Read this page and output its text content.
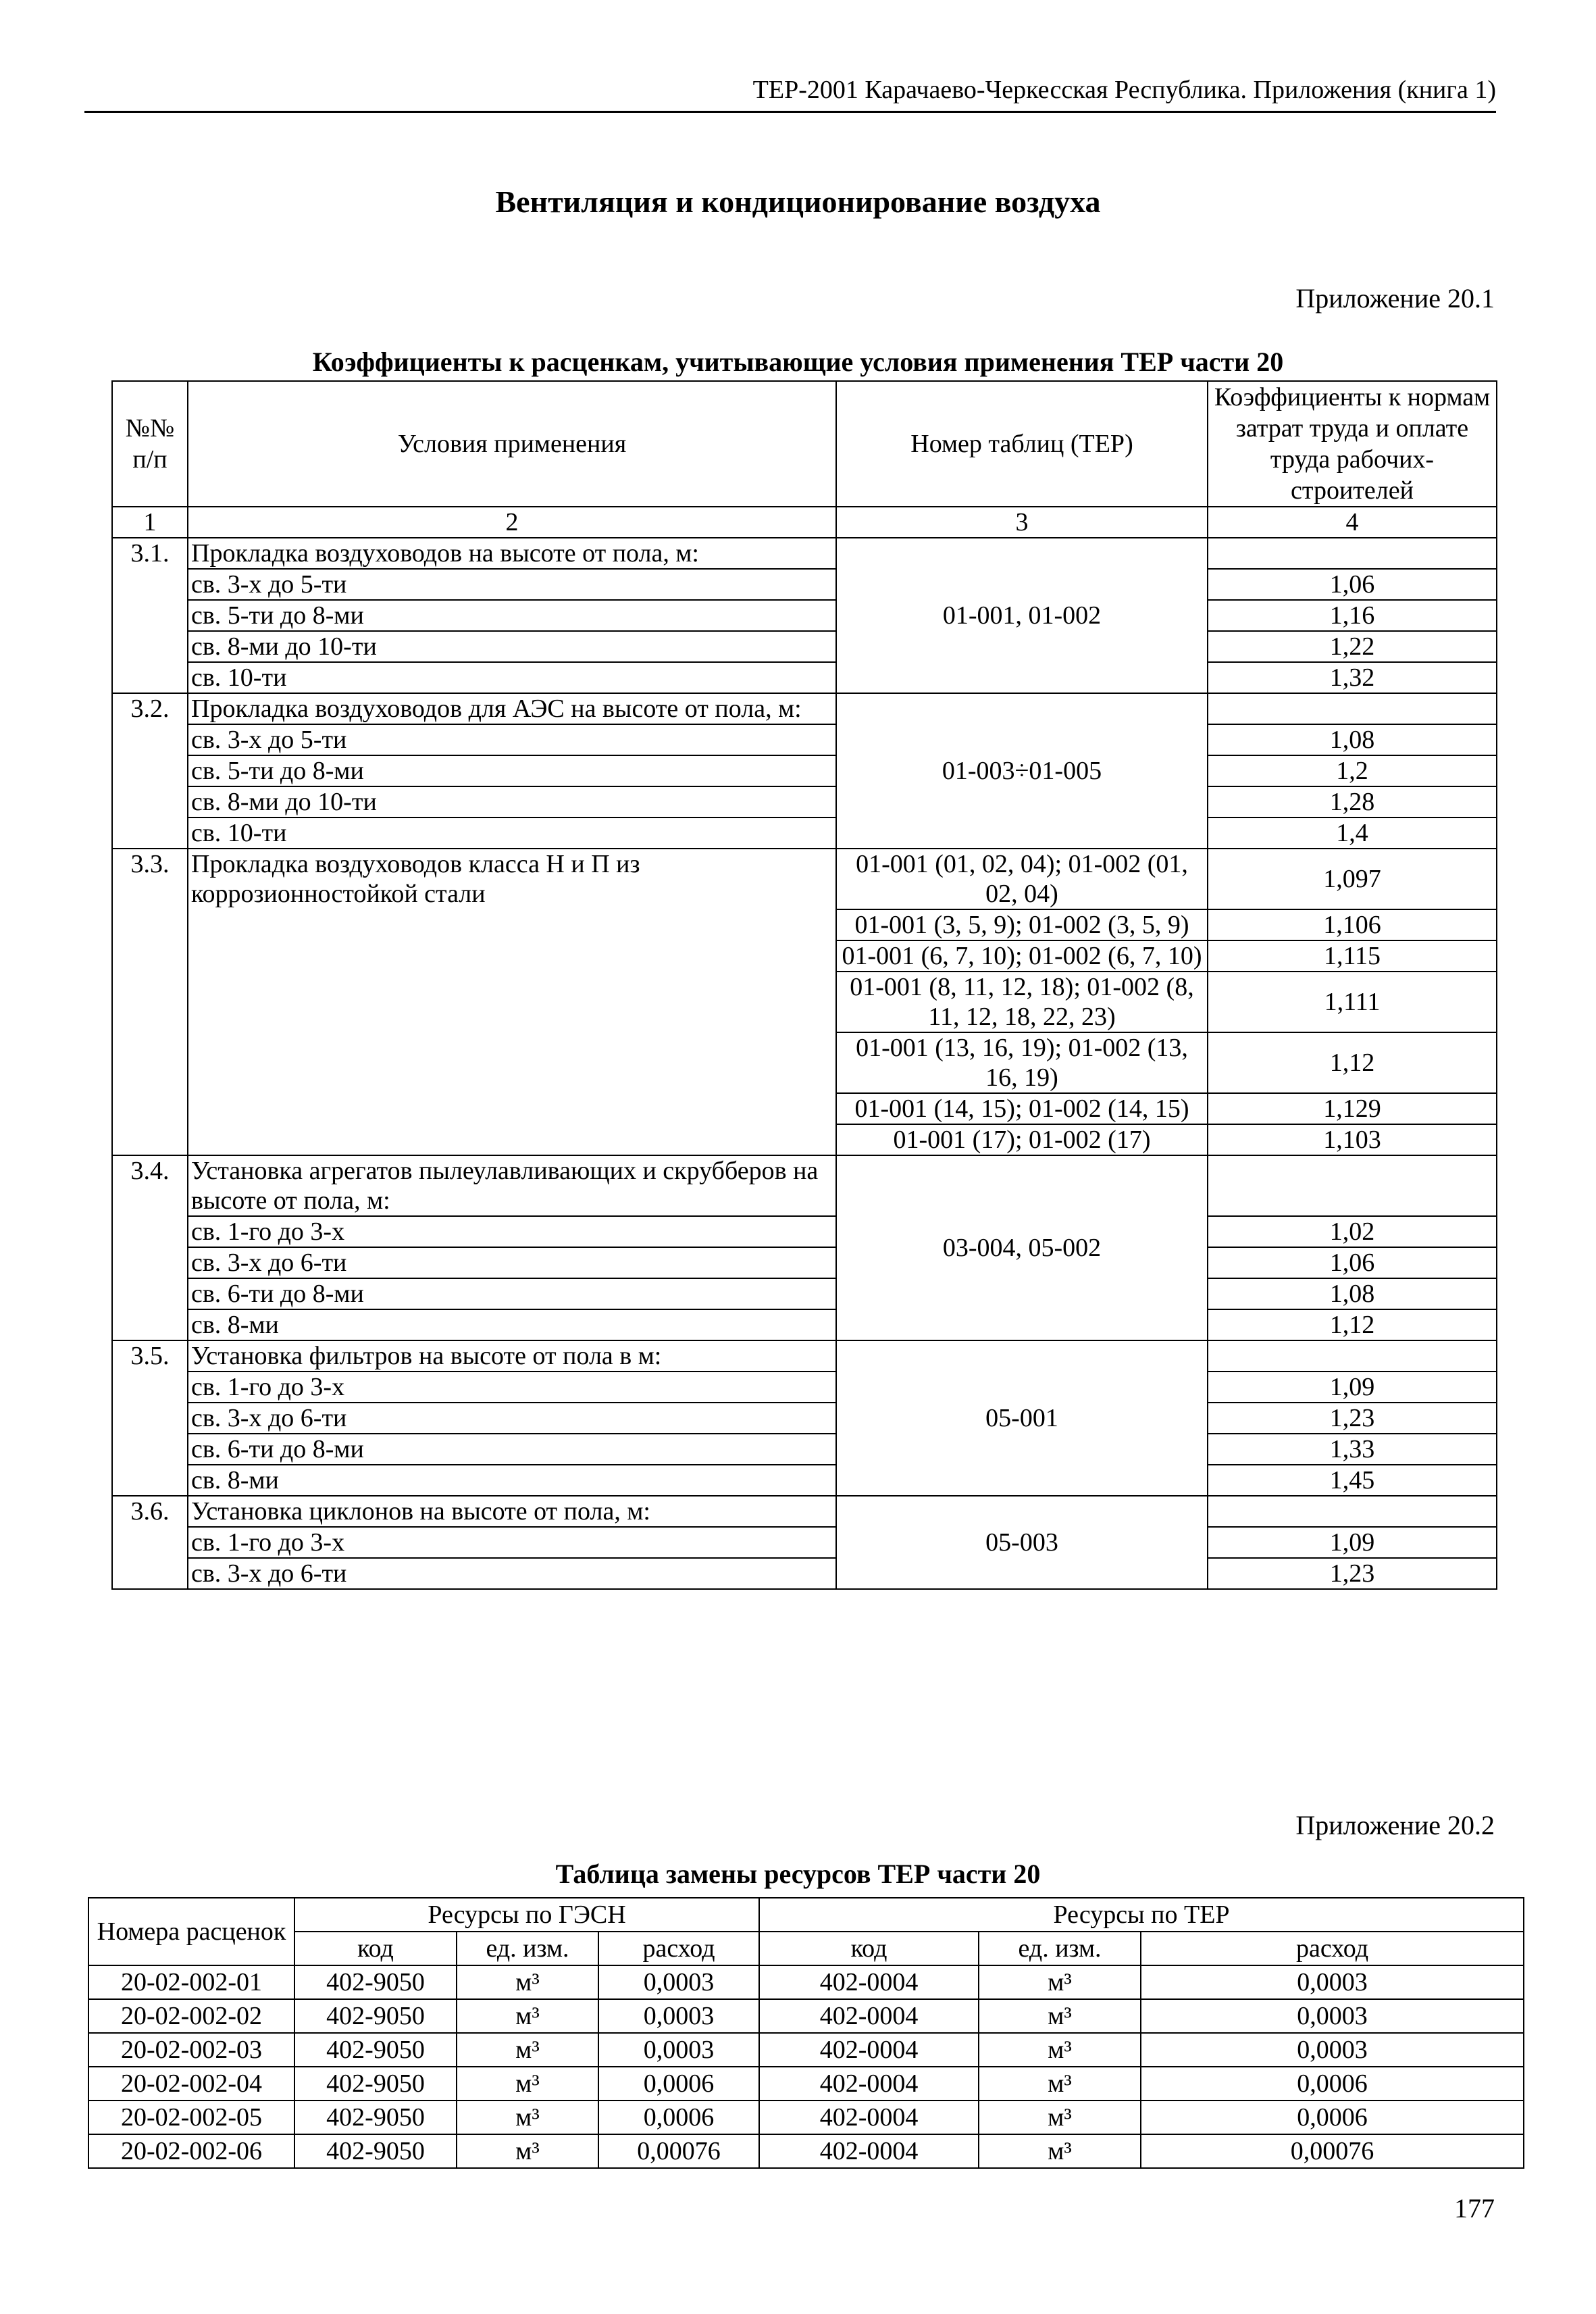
ТЕР-2001 Карачаево-Черкесская Республика. Приложения (книга 1)
Вентиляция и кондиционирование воздуха
Приложение 20.1
Коэффициенты к расценкам, учитывающие условия применения ТЕР части 20
№№ п/п	Условия применения	Номер таблиц (ТЕР)	Коэффициенты к нормам затрат труда и оплате труда рабочих-строителей
1	2	3	4
3.1.	Прокладка воздуховодов на высоте от пола, м:	01-001, 01-002	
	св. 3-х до 5-ти		1,06
	св. 5-ти до 8-ми		1,16
	св. 8-ми до 10-ти		1,22
	св. 10-ти		1,32
3.2.	Прокладка воздуховодов для АЭС на высоте от пола, м:	01-003÷01-005	
	св. 3-х до 5-ти		1,08
	св. 5-ти до 8-ми		1,2
	св. 8-ми до 10-ти		1,28
	св. 10-ти		1,4
3.3.	Прокладка воздуховодов класса Н и П из коррозионностойкой стали	01-001 (01, 02, 04); 01-002 (01, 02, 04)	1,097
		01-001 (3, 5, 9); 01-002 (3, 5, 9)	1,106
		01-001 (6, 7, 10); 01-002 (6, 7, 10)	1,115
		01-001 (8, 11, 12, 18); 01-002 (8, 11, 12, 18, 22, 23)	1,111
		01-001 (13, 16, 19); 01-002 (13, 16, 19)	1,12
		01-001 (14, 15); 01-002 (14, 15)	1,129
		01-001 (17); 01-002 (17)	1,103
3.4.	Установка агрегатов пылеулавливающих и скрубберов на высоте от пола, м:	03-004, 05-002	
	св. 1-го до 3-х		1,02
	св. 3-х до 6-ти		1,06
	св. 6-ти до 8-ми		1,08
	св. 8-ми		1,12
3.5.	Установка фильтров на высоте от пола в м:	05-001	
	св. 1-го до 3-х		1,09
	св. 3-х до 6-ти		1,23
	св. 6-ти до 8-ми		1,33
	св. 8-ми		1,45
3.6.	Установка циклонов на высоте от пола, м:	05-003	
	св. 1-го до 3-х		1,09
	св. 3-х до 6-ти		1,23
Приложение 20.2
Таблица замены ресурсов ТЕР части 20
Номера расценок	Ресурсы по ГЭСН			Ресурсы по ТЕР		
	код	ед. изм.	расход	код	ед. изм.	расход
20-02-002-01	402-9050	м³	0,0003	402-0004	м³	0,0003
20-02-002-02	402-9050	м³	0,0003	402-0004	м³	0,0003
20-02-002-03	402-9050	м³	0,0003	402-0004	м³	0,0003
20-02-002-04	402-9050	м³	0,0006	402-0004	м³	0,0006
20-02-002-05	402-9050	м³	0,0006	402-0004	м³	0,0006
20-02-002-06	402-9050	м³	0,00076	402-0004	м³	0,00076
177
